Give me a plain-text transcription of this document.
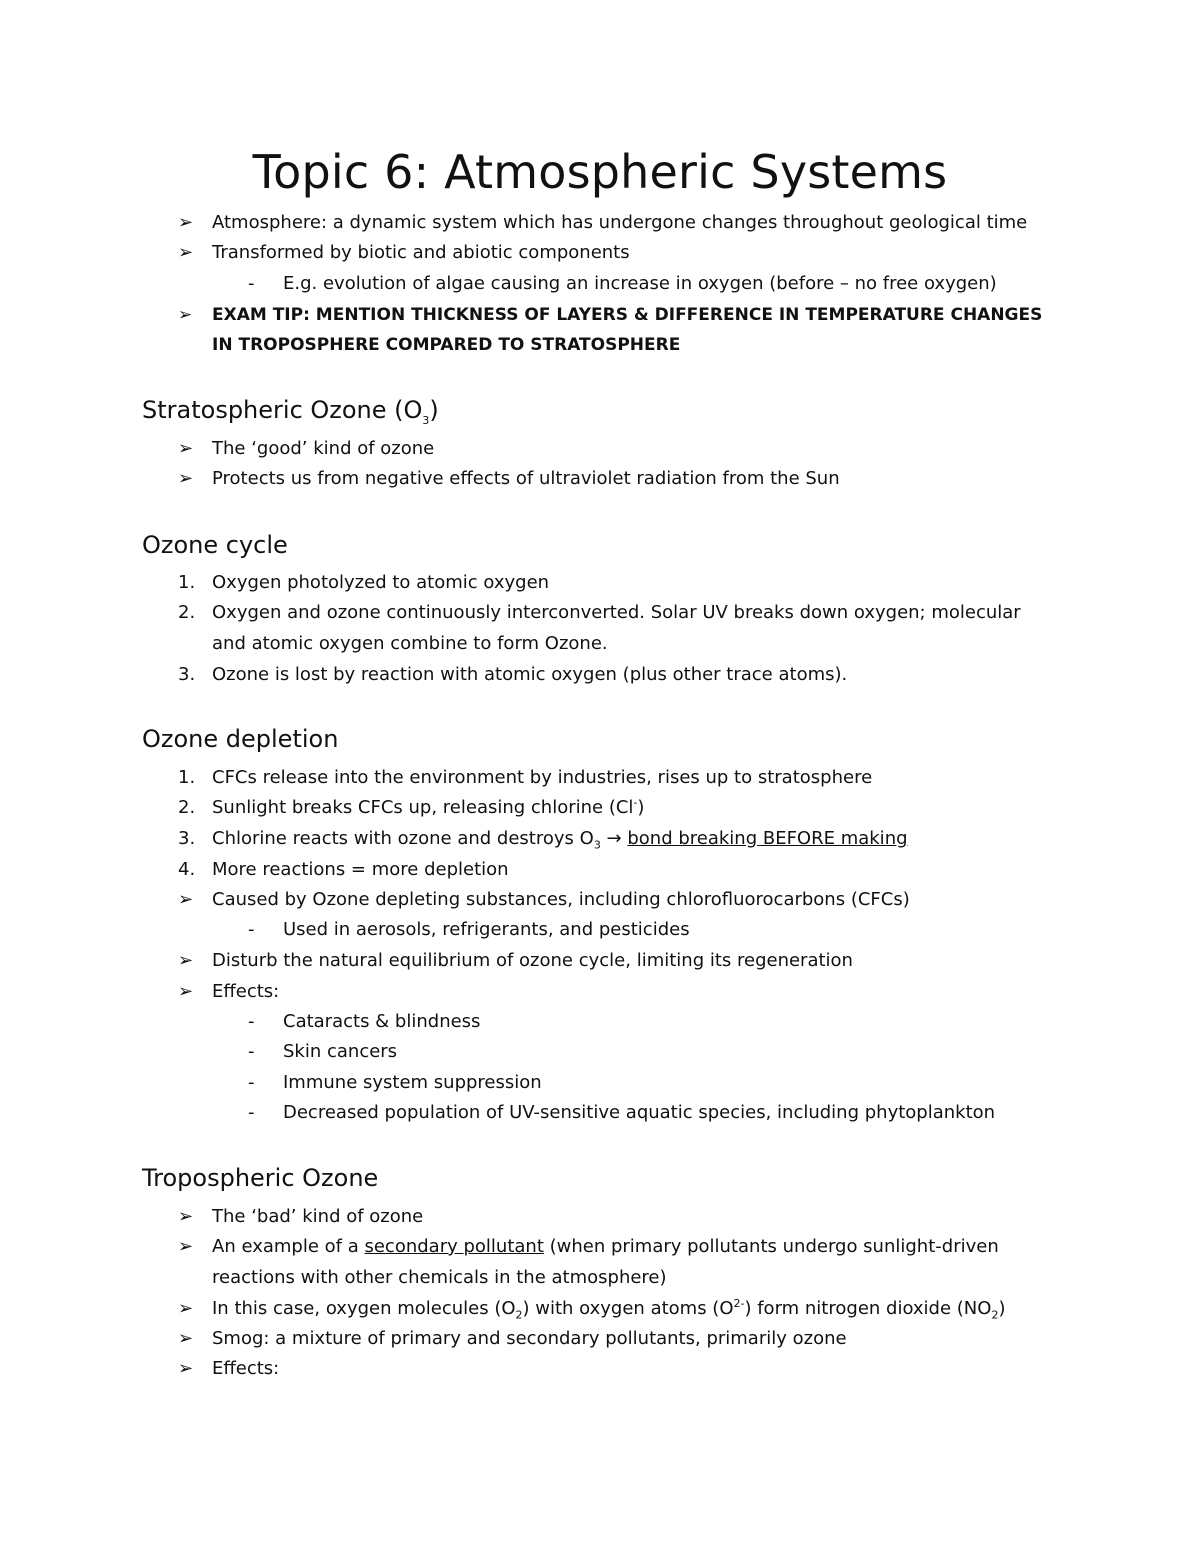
Topic 6: Atmospheric Systems
➢ Atmosphere: a dynamic system which has undergone changes throughout geological time
➢ Transformed by biotic and abiotic components
- E.g. evolution of algae causing an increase in oxygen (before – no free oxygen)
➢ EXAM TIP: MENTION THICKNESS OF LAYERS & DIFFERENCE IN TEMPERATURE CHANGES
IN TROPOSPHERE COMPARED TO STRATOSPHERE
Stratospheric Ozone $(O_3)$
➢ The ‘good’ kind of ozone
➢ Protects us from negative effects of ultraviolet radiation from the Sun
Ozone cycle
1. Oxygen photolyzed to atomic oxygen
2. Oxygen and ozone continuously interconverted. Solar UV breaks down oxygen; molecular
and atomic oxygen combine to form Ozone.
3. Ozone is lost by reaction with atomic oxygen (plus other trace atoms).
Ozone depletion
1. CFCs release into the environment by industries, rises up to stratosphere
2. Sunlight breaks CFCs up, releasing chlorine (Cl-)
3. Chlorine reacts with ozone and destroys $O_3$ → bond breaking BEFORE making
4. More reactions = more depletion
➢ Caused by Ozone depleting substances, including chlorofluorocarbons (CFCs)
- Used in aerosols, refrigerants, and pesticides
➢ Disturb the natural equilibrium of ozone cycle, limiting its regeneration
➢ Effects:
- Cataracts & blindness
- Skin cancers
- Immune system suppression
- Decreased population of UV-sensitive aquatic species, including phytoplankton
Tropospheric Ozone
➢ The ‘bad’ kind of ozone
➢ An example of a secondary pollutant (when primary pollutants undergo sunlight-driven
reactions with other chemicals in the atmosphere)
➢ In this case, oxygen molecules $(O_2)$ with oxygen atoms $(O^{2-})$ form nitrogen dioxide $(NO_2)$
➢ Smog: a mixture of primary and secondary pollutants, primarily ozone
➢ Effects:
